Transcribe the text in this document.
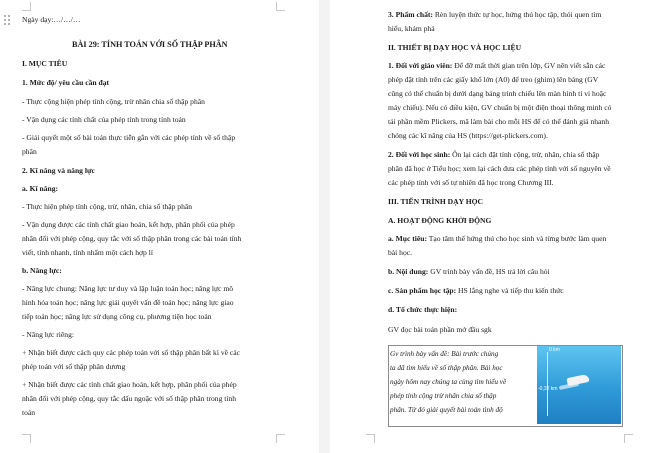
Ngày dạy:…/…/…
BÀI 29: TÍNH TOÁN VỚI SỐ THẬP PHÂN
I. MỤC TIÊU
1. Mức độ/ yêu cầu cần đạt
- Thực cộng hiện phép tính cộng, trừ nhân chia số thập phân
- Vận dụng các tính chất của phép tính trong tính toán
- Giải quyết một số bài toán thực tiễn gắn với các phép tính về số thập
phân
2. Kĩ năng và năng lực
a. Kĩ năng:
- Thực hiện phép tính cộng, trừ, nhân, chia số thập phân
- Vận dụng được các tính chất giao hoán, kết hợp, phân phối của phép
nhân đối với phép cộng, quy tắc với số thập phân trong các bài toán tính
viết, tính nhanh, tính nhẩm một cách hợp lí
b. Năng lực:
- Năng lực chung: Năng lực tư duy và lập luận toán học; năng lực mô
hình hóa toán học; năng lực giải quyết vấn đề toán học; năng lực giao
tiếp toán học; năng lực sử dụng công cụ, phương tiện học toán
- Năng lực riêng:
+ Nhận biết được cách quy các phép toán với số thập phân bất kì về các
phép toán với số thập phân dương
+ Nhận biết được các tính chất giao hoán, kết hợp, phân phối của phép
nhân đối với phép cộng, quy tắc dấu ngoặc với số thập phân trong tính
toán
3. Phẩm chất: Rèn luyện thức tự học, hứng thú học tập, thói quen tìm
hiểu, khám phá
II. THIẾT BỊ DẠY HỌC VÀ HỌC LIỆU
1. Đối với giáo viên: Để đỡ mất thời gian trên lớp, GV nên viết sẵn các
phép đặt tính trên các giấy khổ lớn (A0) để treo (ghim) lên bảng (GV
cũng có thể chuẩn bị dưới dạng bảng trình chiếu lên màn hình tỉ vi hoặc
máy chiếu). Nếu có điều kiện, GV chuẩn bị một điện thoại thông minh có
tải phần mềm Plickers, mã làm bài cho mỗi HS để có thể đánh giá nhanh
chóng các kĩ năng của HS (https://get-plickers.com).
2. Đối với học sinh: Ôn lại cách đặt tính cộng, trừ, nhân, chia số thập
phân đã học ở Tiểu học; xem lại cách đưa các phép tính với số nguyên về
các phép tính với số tự nhiên đã học trong Chương III.
III. TIẾN TRÌNH DẠY HỌC
A. HOẠT ĐỘNG KHỞI ĐỘNG
a. Mục tiêu: Tạo tâm thế hứng thú cho học sinh và từng bước làm quen
bài học.
b. Nội dung: GV trình bày vấn đề, HS trả lời câu hỏi
c. Sản phẩm học tập: HS lắng nghe và tiếp thu kiến thức
d. Tổ chức thực hiện:
GV đọc bài toán phần mở đầu sgk
Gv trình bày vấn đề: Bài trước chúng
ta đã tìm hiểu về số thập phân. Bài học
ngày hôm nay chúng ta cùng tìm hiểu về
phép tính cộng trừ nhân chia số thập
phân. Từ đó giải quyết bài toán tình độ
0 km
-0,32 km
